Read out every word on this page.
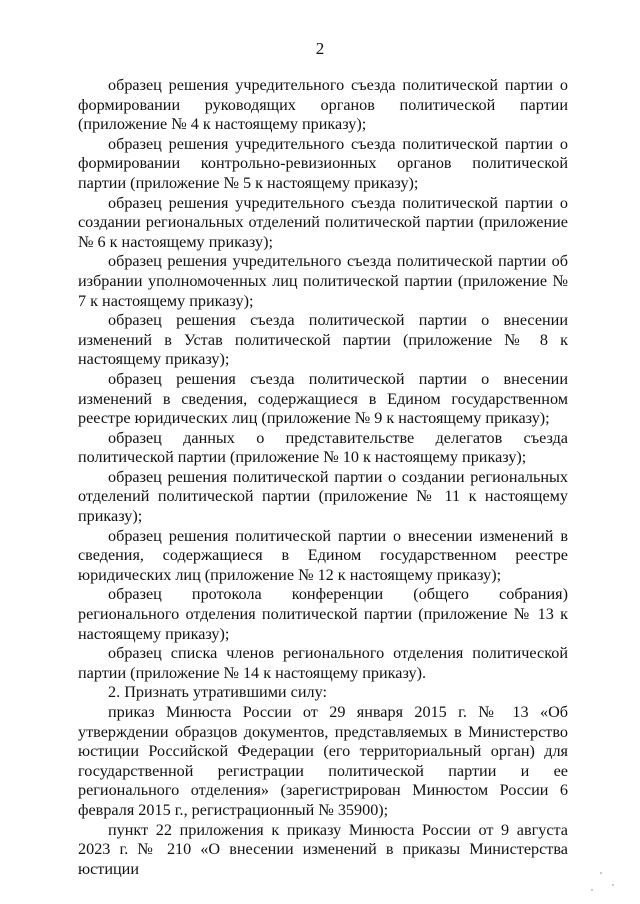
2

образец решения учредительного съезда политической партии о формировании руководящих органов политической партии (приложение № 4 к настоящему приказу);

образец решения учредительного съезда политической партии о формировании контрольно-ревизионных органов политической партии (приложение № 5 к настоящему приказу);

образец решения учредительного съезда политической партии о создании региональных отделений политической партии (приложение № 6 к настоящему приказу);

образец решения учредительного съезда политической партии об избрании уполномоченных лиц политической партии (приложение № 7 к настоящему приказу);

образец решения съезда политической партии о внесении изменений в Устав политической партии (приложение № 8 к настоящему приказу);

образец решения съезда политической партии о внесении изменений в сведения, содержащиеся в Едином государственном реестре юридических лиц (приложение № 9 к настоящему приказу);

образец данных о представительстве делегатов съезда политической партии (приложение № 10 к настоящему приказу);

образец решения политической партии о создании региональных отделений политической партии (приложение № 11 к настоящему приказу);

образец решения политической партии о внесении изменений в сведения, содержащиеся в Едином государственном реестре юридических лиц (приложение № 12 к настоящему приказу);

образец протокола конференции (общего собрания) регионального отделения политической партии (приложение № 13 к настоящему приказу);

образец списка членов регионального отделения политической партии (приложение № 14 к настоящему приказу).

2. Признать утратившими силу:

приказ Минюста России от 29 января 2015 г. № 13 «Об утверждении образцов документов, представляемых в Министерство юстиции Российской Федерации (его территориальный орган) для государственной регистрации политической партии и ее регионального отделения» (зарегистрирован Минюстом России 6 февраля 2015 г., регистрационный № 35900);

пункт 22 приложения к приказу Минюста России от 9 августа 2023 г. № 210 «О внесении изменений в приказы Министерства юстиции
